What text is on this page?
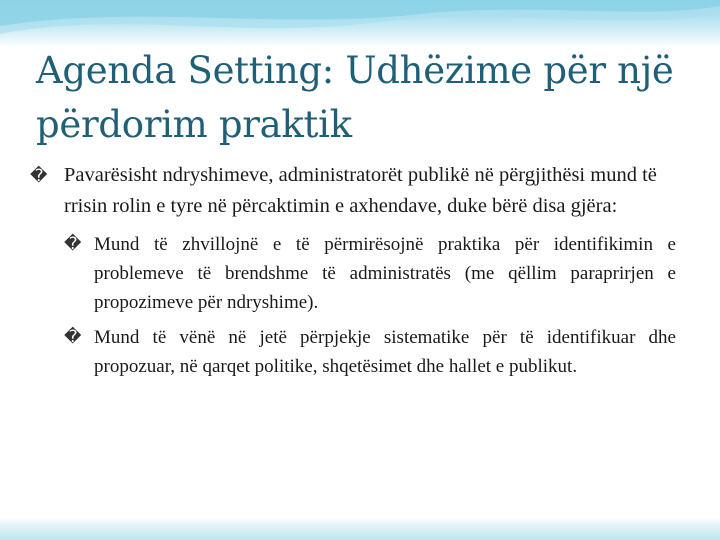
Agenda Setting: Udhëzime për një përdorim praktik
� Pavarësisht ndryshimeve, administratorët publikë në përgjithësi mund të rrisin rolin e tyre në përcaktimin e axhendave, duke bërë disa gjëra:
� Mund të zhvillojnë e të përmirësojnë praktika për identifikimin e problemeve të brendshme të administratës (me qëllim paraprirjen e propozimeve për ndryshime).
� Mund të vënë në jetë përpjekje sistematike për të identifikuar dhe propozuar, në qarqet politike, shqetësimet dhe hallet e publikut.
